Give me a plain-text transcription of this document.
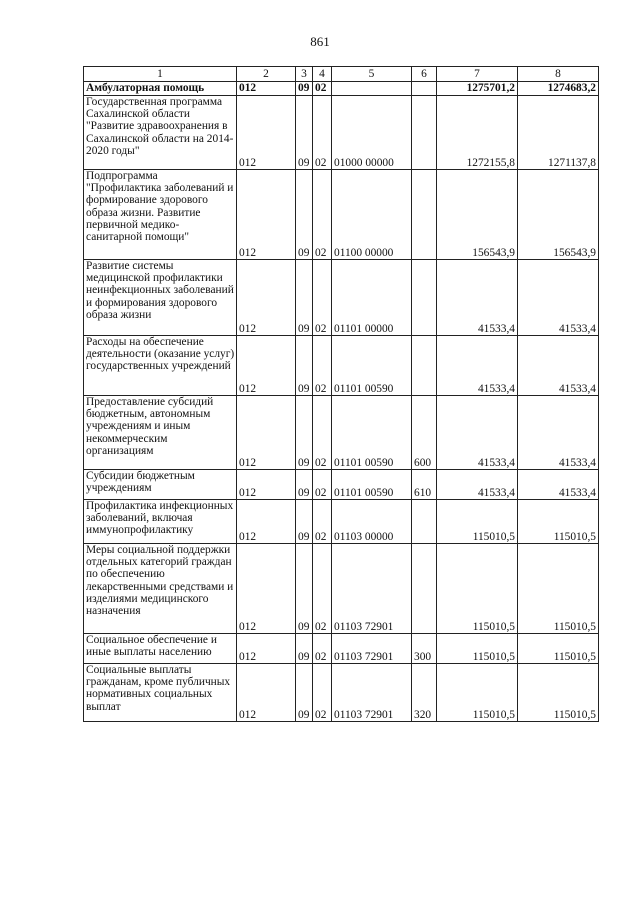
861
1	2	3	4	5	6	7	8
Амбулаторная помощь	012	09	02			1275701,2	1274683,2
Государственная программа Сахалинской области "Развитие здравоохранения в Сахалинской области на 2014-2020 годы"	012	09	02	01000 00000		1272155,8	1271137,8
Подпрограмма "Профилактика заболеваний и формирование здорового образа жизни. Развитие первичной медико-санитарной помощи"	012	09	02	01100 00000		156543,9	156543,9
Развитие системы медицинской профилактики неинфекционных заболеваний и формирования здорового образа жизни	012	09	02	01101 00000		41533,4	41533,4
Расходы на обеспечение деятельности (оказание услуг) государственных учреждений	012	09	02	01101 00590		41533,4	41533,4
Предоставление субсидий бюджетным, автономным учреждениям и иным некоммерческим организациям	012	09	02	01101 00590	600	41533,4	41533,4
Субсидии бюджетным учреждениям	012	09	02	01101 00590	610	41533,4	41533,4
Профилактика инфекционных заболеваний, включая иммунопрофилактику	012	09	02	01103 00000		115010,5	115010,5
Меры социальной поддержки отдельных категорий граждан по обеспечению лекарственными средствами и изделиями медицинского назначения	012	09	02	01103 72901		115010,5	115010,5
Социальное обеспечение и иные выплаты населению	012	09	02	01103 72901	300	115010,5	115010,5
Социальные выплаты гражданам, кроме публичных нормативных социальных выплат	012	09	02	01103 72901	320	115010,5	115010,5
